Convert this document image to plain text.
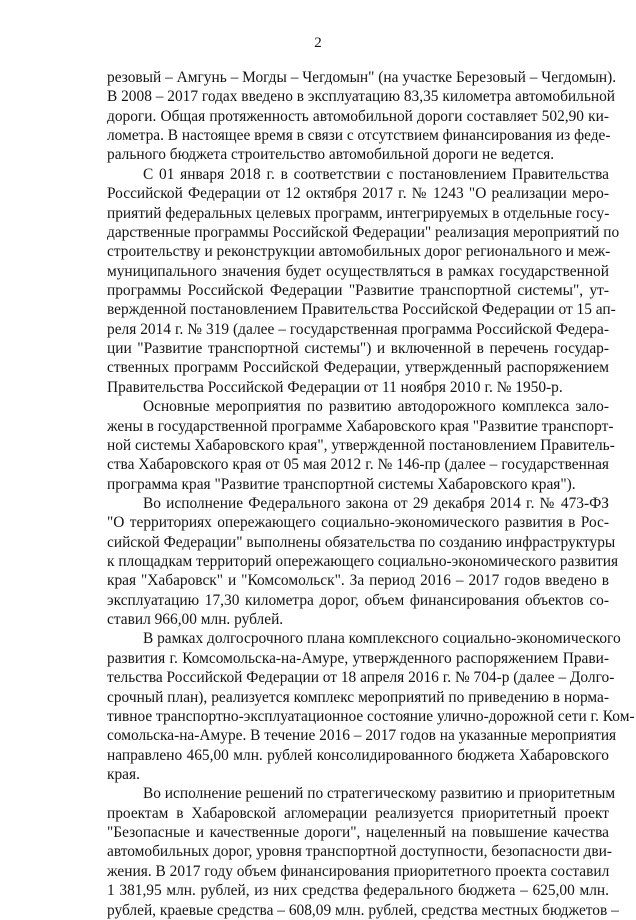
2
резовый – Амгунь – Могды – Чегдомын" (на участке Березовый – Чегдомын).
В 2008 – 2017 годах введено в эксплуатацию 83,35 километра автомобильной
дороги. Общая протяженность автомобильной дороги составляет 502,90 ки-
лометра. В настоящее время в связи с отсутствием финансирования из феде-
рального бюджета строительство автомобильной дороги не ведется.
С 01 января 2018 г. в соответствии с постановлением Правительства
Российской Федерации от 12 октября 2017 г. № 1243 "О реализации меро-
приятий федеральных целевых программ, интегрируемых в отдельные госу-
дарственные программы Российской Федерации" реализация мероприятий по
строительству и реконструкции автомобильных дорог регионального и меж-
муниципального значения будет осуществляться в рамках государственной
программы Российской Федерации "Развитие транспортной системы", ут-
вержденной постановлением Правительства Российской Федерации от 15 ап-
реля 2014 г. № 319 (далее – государственная программа Российской Федера-
ции "Развитие транспортной системы") и включенной в перечень государ-
ственных программ Российской Федерации, утвержденный распоряжением
Правительства Российской Федерации от 11 ноября 2010 г. № 1950-р.
Основные мероприятия по развитию автодорожного комплекса зало-
жены в государственной программе Хабаровского края "Развитие транспорт-
ной системы Хабаровского края", утвержденной постановлением Правитель-
ства Хабаровского края от 05 мая 2012 г. № 146-пр (далее – государственная
программа края "Развитие транспортной системы Хабаровского края").
Во исполнение Федерального закона от 29 декабря 2014 г. № 473-ФЗ
"О территориях опережающего социально-экономического развития в Рос-
сийской Федерации" выполнены обязательства по созданию инфраструктуры
к площадкам территорий опережающего социально-экономического развития
края "Хабаровск" и "Комсомольск". За период 2016 – 2017 годов введено в
эксплуатацию 17,30 километра дорог, объем финансирования объектов со-
ставил 966,00 млн. рублей.
В рамках долгосрочного плана комплексного социально-экономического
развития г. Комсомольска-на-Амуре, утвержденного распоряжением Прави-
тельства Российской Федерации от 18 апреля 2016 г. № 704-р (далее – Долго-
срочный план), реализуется комплекс мероприятий по приведению в норма-
тивное транспортно-эксплуатационное состояние улично-дорожной сети г. Ком-
сомольска-на-Амуре. В течение 2016 – 2017 годов на указанные мероприятия
направлено 465,00 млн. рублей консолидированного бюджета Хабаровского
края.
Во исполнение решений по стратегическому развитию и приоритетным
проектам в Хабаровской агломерации реализуется приоритетный проект
"Безопасные и качественные дороги", нацеленный на повышение качества
автомобильных дорог, уровня транспортной доступности, безопасности дви-
жения. В 2017 году объем финансирования приоритетного проекта составил
1 381,95 млн. рублей, из них средства федерального бюджета – 625,00 млн.
рублей, краевые средства – 608,09 млн. рублей, средства местных бюджетов –
